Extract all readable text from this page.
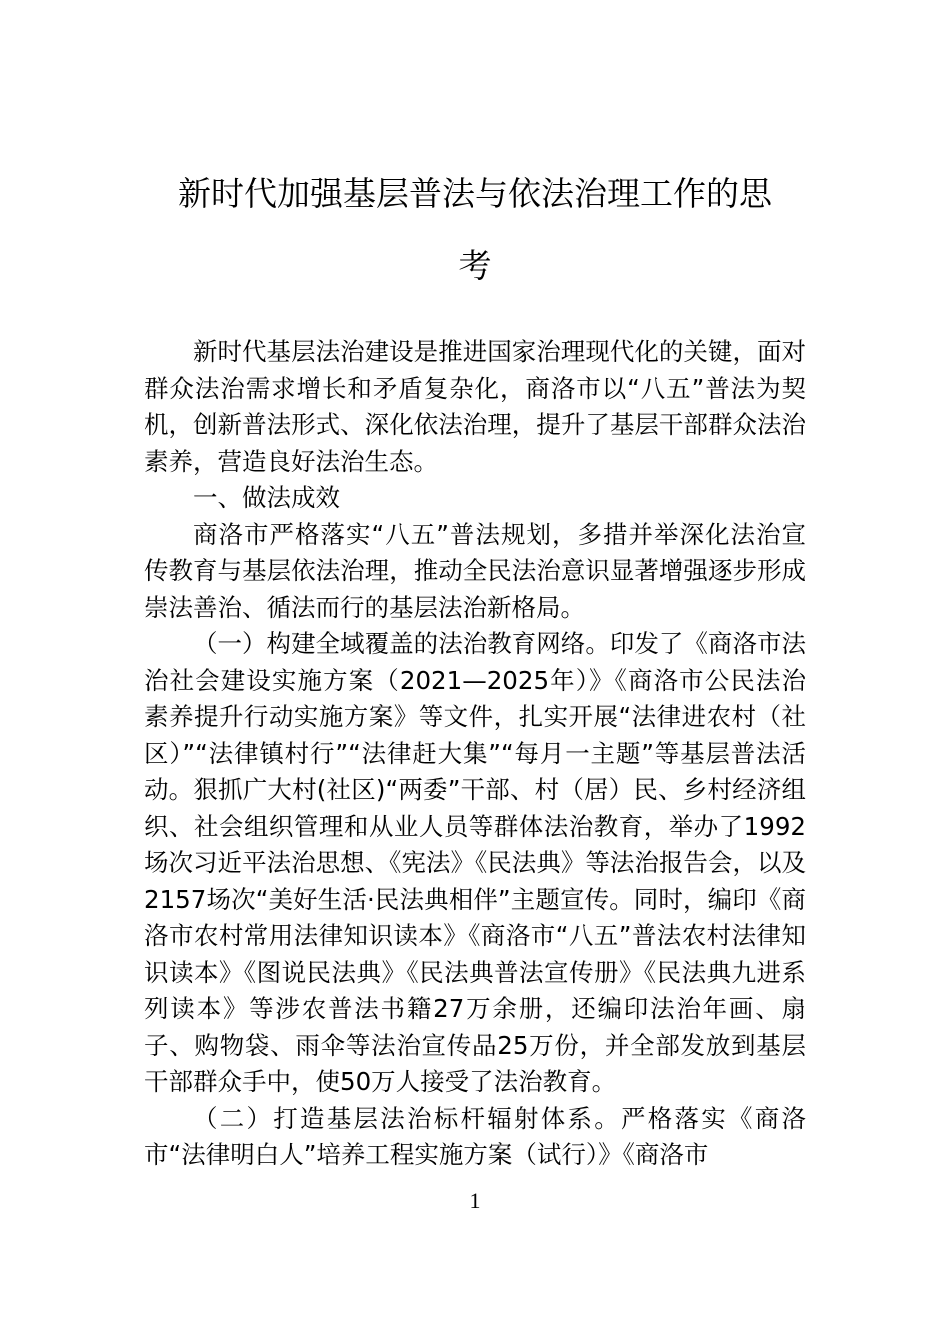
新时代加强基层普法与依法治理工作的思
考

新时代基层法治建设是推进国家治理现代化的关键，面对群众法治需求增长和矛盾复杂化，商洛市以“八五”普法为契机，创新普法形式、深化依法治理，提升了基层干部群众法治素养，营造良好法治生态。

一、做法成效

商洛市严格落实“八五”普法规划，多措并举深化法治宣传教育与基层依法治理，推动全民法治意识显著增强逐步形成崇法善治、循法而行的基层法治新格局。

（一）构建全域覆盖的法治教育网络。印发了《商洛市法治社会建设实施方案（2021—2025年）》《商洛市公民法治素养提升行动实施方案》等文件，扎实开展“法律进农村（社区）”“法律镇村行”“法律赶大集”“每月一主题”等基层普法活动。狠抓广大村(社区)“两委”干部、村（居）民、乡村经济组织、社会组织管理和从业人员等群体法治教育，举办了1992场次习近平法治思想、《宪法》《民法典》等法治报告会，以及2157场次“美好生活·民法典相伴”主题宣传。同时，编印《商洛市农村常用法律知识读本》《商洛市“八五”普法农村法律知识读本》《图说民法典》《民法典普法宣传册》《民法典九进系列读本》等涉农普法书籍27万余册，还编印法治年画、扇子、购物袋、雨伞等法治宣传品25万份，并全部发放到基层干部群众手中，使50万人接受了法治教育。

（二）打造基层法治标杆辐射体系。严格落实《商洛市“法律明白人”培养工程实施方案（试行）》《商洛市

1
